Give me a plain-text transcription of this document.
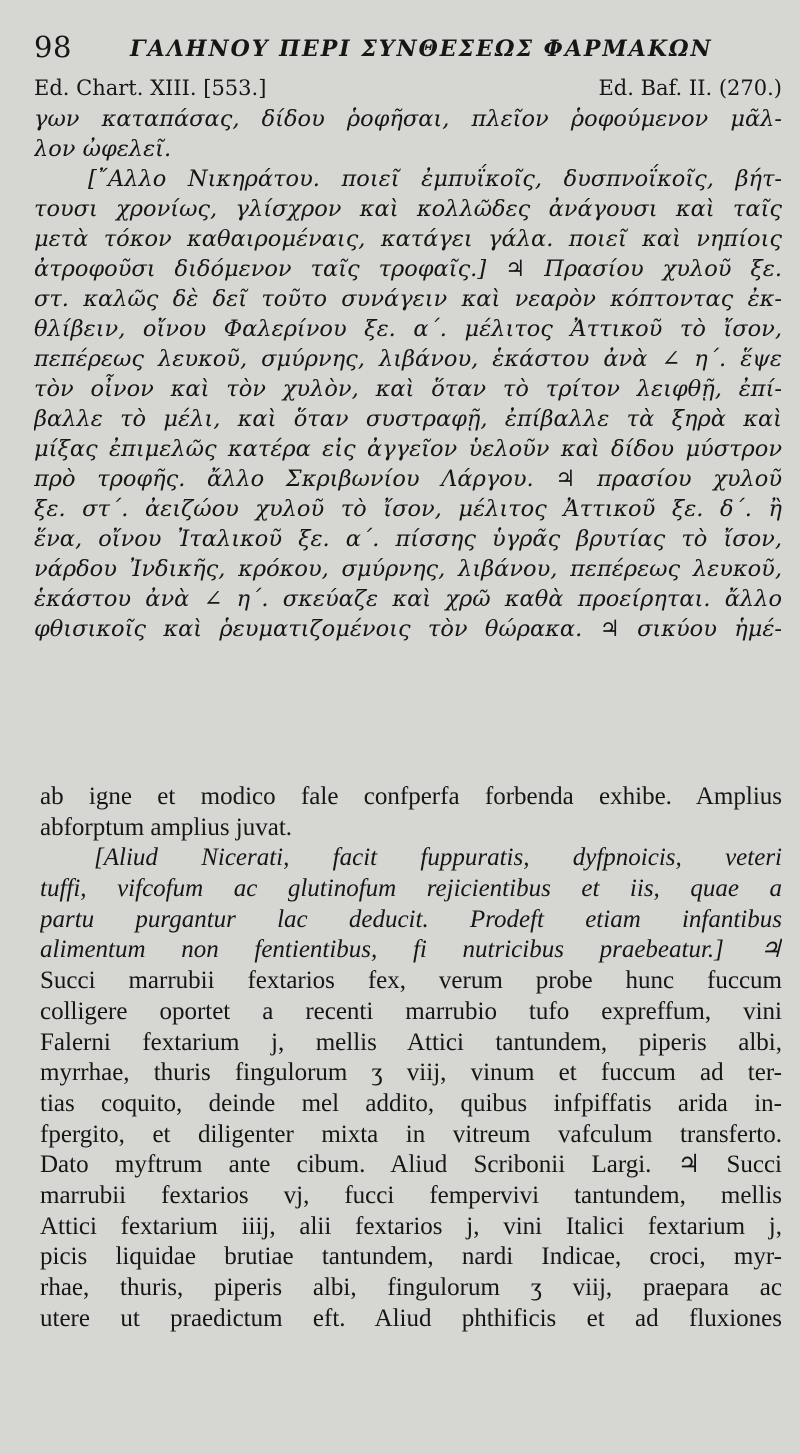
98	ΓΑΛΗΝΟΥ ΠΕΡΙ ΣΥΝΘΕΣΕΩΣ ΦΑΡΜΑΚΩΝ
Ed. Chart. XIII. [553.]	Ed. Baf. II. (270.)
γων καταπάσας, δίδου ῥοφῆσαι, πλεῖον ῥοφούμενον μᾶλ-
λον ὠφελεῖ.
[῎Αλλο Νικηράτου. ποιεῖ ἐμπυΐκοῖς, δυσπνοΐκοῖς, βήτ-
τουσι χρονίως, γλίσχρον καὶ κολλῶδες ἀνάγουσι καὶ ταῖς
μετὰ τόκον καθαιρομέναις, κατάγει γάλα. ποιεῖ καὶ νηπίοις
ἀτροφοῦσι διδόμενον ταῖς τροφαῖς.] ♃ Πρασίου χυλοῦ ξε.
στ. καλῶς δὲ δεῖ τοῦτο συνάγειν καὶ νεαρὸν κόπτοντας ἐκ-
θλίβειν, οἴνου Φαλερίνου ξε. α΄. μέλιτος Ἀττικοῦ τὸ ἴσον,
πεπέρεως λευκοῦ, σμύρνης, λιβάνου, ἑκάστου ἀνὰ ∠ η΄. ἕψε
τὸν οἶνον καὶ τὸν χυλὸν, καὶ ὅταν τὸ τρίτον λειφθῇ, ἐπί-
βαλλε τὸ μέλι, καὶ ὅταν συστραφῇ, ἐπίβαλλε τὰ ξηρὰ καὶ
μίξας ἐπιμελῶς κατέρα εἰς ἀγγεῖον ὑελοῦν καὶ δίδου μύστρον
πρὸ τροφῆς. ἄλλο Σκριβωνίου Λάργου. ♃ πρασίου χυλοῦ
ξε. στ΄. ἀειζώου χυλοῦ τὸ ἴσον, μέλιτος Ἀττικοῦ ξε. δ΄. ἢ
ἕνα, οἴνου Ἰταλικοῦ ξε. α΄. πίσσης ὑγρᾶς βρυτίας τὸ ἴσον,
νάρδου Ἰνδικῆς, κρόκου, σμύρνης, λιβάνου, πεπέρεως λευκοῦ,
ἑκάστου ἀνὰ ∠ η΄. σκεύαζε καὶ χρῶ καθὰ προείρηται. ἄλλο
φθισικοῖς καὶ ῥευματιζομένοις τὸν θώρακα. ♃ σικύου ἡμέ-
ab igne et modico fale confperfa forbenda exhibe. Amplius
abforptum amplius juvat.
[Aliud Nicerati, facit fuppuratis, dyfpnoicis, veteri
tuffi, vifcofum ac glutinofum rejicientibus et iis, quae a
partu purgantur lac deducit. Prodeft etiam infantibus
alimentum non fentientibus, fi nutricibus praebeatur.] ♃
Succi marrubii fextarios fex, verum probe hunc fuccum
colligere oportet a recenti marrubio tufo expreffum, vini
Falerni fextarium j, mellis Attici tantundem, piperis albi,
myrrhae, thuris fingulorum ʒ viij, vinum et fuccum ad ter-
tias coquito, deinde mel addito, quibus infpiffatis arida in-
fpergito, et diligenter mixta in vitreum vafculum transferto.
Dato myftrum ante cibum. Aliud Scribonii Largi. ♃ Succi
marrubii fextarios vj, fucci fempervivi tantundem, mellis
Attici fextarium iiij, alii fextarios j, vini Italici fextarium j,
picis liquidae brutiae tantundem, nardi Indicae, croci, myr-
rhae, thuris, piperis albi, fingulorum ʒ viij, praepara ac
utere ut praedictum eft. Aliud phthificis et ad fluxiones
